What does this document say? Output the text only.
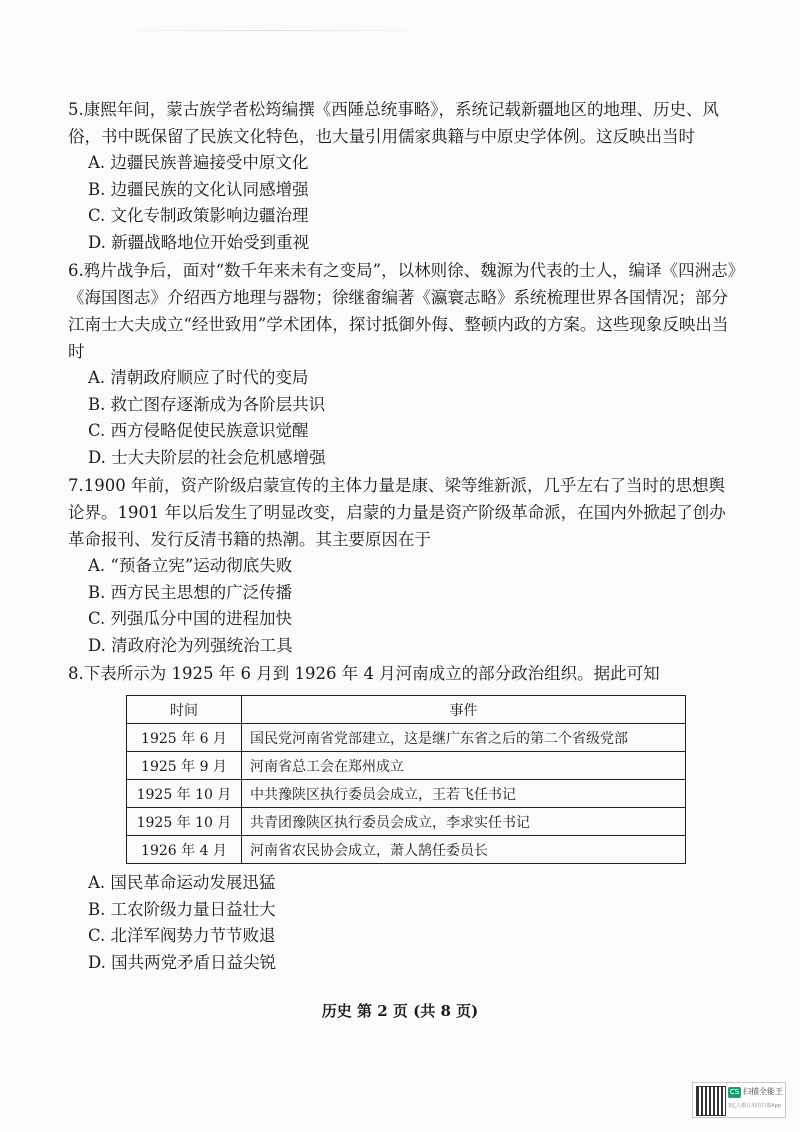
5.康熙年间，蒙古族学者松筠编撰《西陲总统事略》，系统记载新疆地区的地理、历史、风俗，书中既保留了民族文化特色，也大量引用儒家典籍与中原史学体例。这反映出当时

A. 边疆民族普遍接受中原文化

B. 边疆民族的文化认同感增强

C. 文化专制政策影响边疆治理

D. 新疆战略地位开始受到重视

6.鸦片战争后，面对“数千年来未有之变局”，以林则徐、魏源为代表的士人，编译《四洲志》《海国图志》介绍西方地理与器物；徐继畬编著《瀛寰志略》系统梳理世界各国情况；部分江南士大夫成立“经世致用”学术团体，探讨抵御外侮、整顿内政的方案。这些现象反映出当时

A. 清朝政府顺应了时代的变局

B. 救亡图存逐渐成为各阶层共识

C. 西方侵略促使民族意识觉醒

D. 士大夫阶层的社会危机感增强

7.1900 年前，资产阶级启蒙宣传的主体力量是康、梁等维新派，几乎左右了当时的思想舆论界。1901 年以后发生了明显改变，启蒙的力量是资产阶级革命派，在国内外掀起了创办革命报刊、发行反清书籍的热潮。其主要原因在于

A. “预备立宪”运动彻底失败

B. 西方民主思想的广泛传播

C. 列强瓜分中国的进程加快

D. 清政府沦为列强统治工具

8.下表所示为 1925 年 6 月到 1926 年 4 月河南成立的部分政治组织。据此可知

时间	事件
1925 年 6 月	国民党河南省党部建立，这是继广东省之后的第二个省级党部
1925 年 9 月	河南省总工会在郑州成立
1925 年 10 月	中共豫陕区执行委员会成立，王若飞任书记
1925 年 10 月	共青团豫陕区执行委员会成立，李求实任书记
1926 年 4 月	河南省农民协会成立，萧人鹄任委员长

A. 国民革命运动发展迅猛

B. 工农阶级力量日益壮大

C. 北洋军阀势力节节败退

D. 国共两党矛盾日益尖锐

历史 第 2 页 (共 8 页)
CS 扫描全能王
3亿人都在用的扫描App
